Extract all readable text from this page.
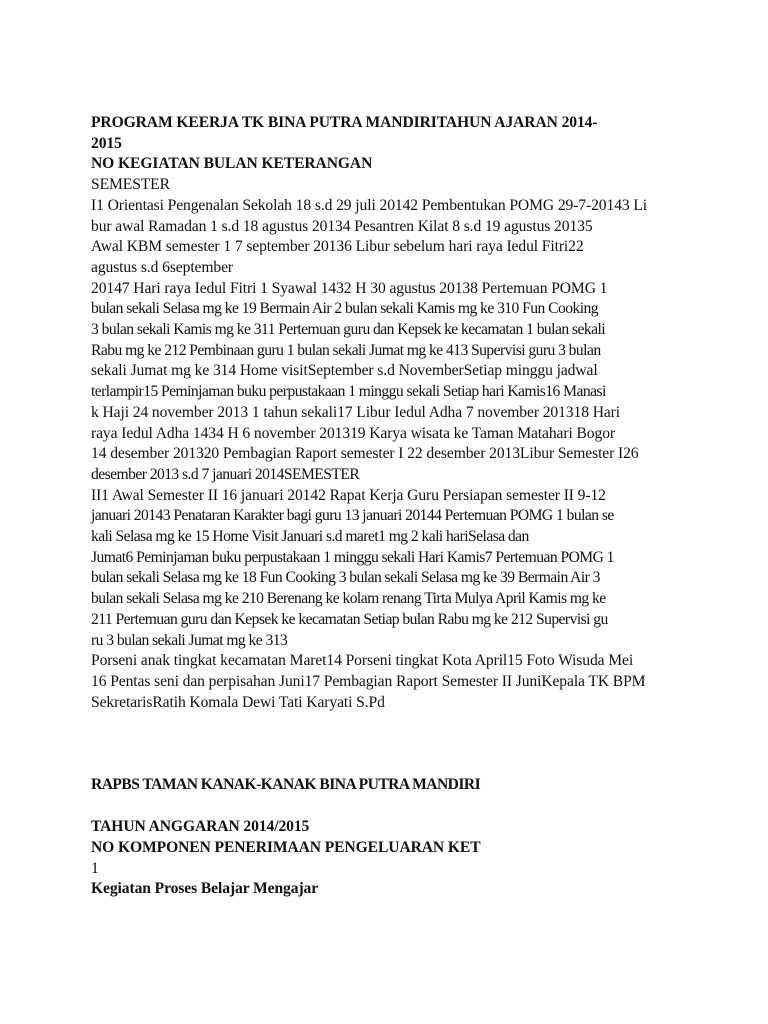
PROGRAM KEERJA TK BINA PUTRA MANDIRITAHUN AJARAN 2014-
2015
NO KEGIATAN BULAN KETERANGAN
SEMESTER
I1 Orientasi Pengenalan Sekolah 18 s.d 29 juli 20142 Pembentukan POMG 29-7-20143 Li
bur awal Ramadan 1 s.d 18 agustus 20134 Pesantren Kilat 8 s.d 19 agustus 20135
Awal KBM semester 1 7 september 20136 Libur sebelum hari raya Iedul Fitri22
agustus s.d 6september
20147 Hari raya Iedul Fitri 1 Syawal 1432 H 30 agustus 20138 Pertemuan POMG 1
bulan sekali Selasa mg ke 19 Bermain Air 2 bulan sekali Kamis mg ke 310 Fun Cooking
3 bulan sekali Kamis mg ke 311 Pertemuan guru dan Kepsek ke kecamatan 1 bulan sekali
Rabu mg ke 212 Pembinaan guru 1 bulan sekali Jumat mg ke 413 Supervisi guru 3 bulan
sekali Jumat mg ke 314 Home visitSeptember s.d NovemberSetiap minggu jadwal
terlampir15 Peminjaman buku perpustakaan 1 minggu sekali Setiap hari Kamis16 Manasi
k Haji 24 november 2013 1 tahun sekali17 Libur Iedul Adha 7 november 201318 Hari
raya Iedul Adha 1434 H 6 november 201319 Karya wisata ke Taman Matahari Bogor
14 desember 201320 Pembagian Raport semester I 22 desember 2013Libur Semester I26
desember 2013 s.d 7 januari 2014SEMESTER
II1 Awal Semester II 16 januari 20142 Rapat Kerja Guru Persiapan semester II 9-12
januari 20143 Penataran Karakter bagi guru 13 januari 20144 Pertemuan POMG 1 bulan se
kali Selasa mg ke 15 Home Visit Januari s.d maret1 mg 2 kali hariSelasa dan
Jumat6 Peminjaman buku perpustakaan 1 minggu sekali Hari Kamis7 Pertemuan POMG 1
bulan sekali Selasa mg ke 18 Fun Cooking 3 bulan sekali Selasa mg ke 39 Bermain Air 3
bulan sekali Selasa mg ke 210 Berenang ke kolam renang Tirta Mulya April Kamis mg ke
211 Pertemuan guru dan Kepsek ke kecamatan Setiap bulan Rabu mg ke 212 Supervisi gu
ru 3 bulan sekali Jumat mg ke 313
Porseni anak tingkat kecamatan Maret14 Porseni tingkat Kota April15 Foto Wisuda Mei
16 Pentas seni dan perpisahan Juni17 Pembagian Raport Semester II JuniKepala TK BPM
SekretarisRatih Komala Dewi Tati Karyati S.Pd
RAPBS TAMAN KANAK-KANAK BINA PUTRA MANDIRI
TAHUN ANGGARAN 2014/2015
NO KOMPONEN PENERIMAAN PENGELUARAN KET
1
Kegiatan Proses Belajar Mengajar
